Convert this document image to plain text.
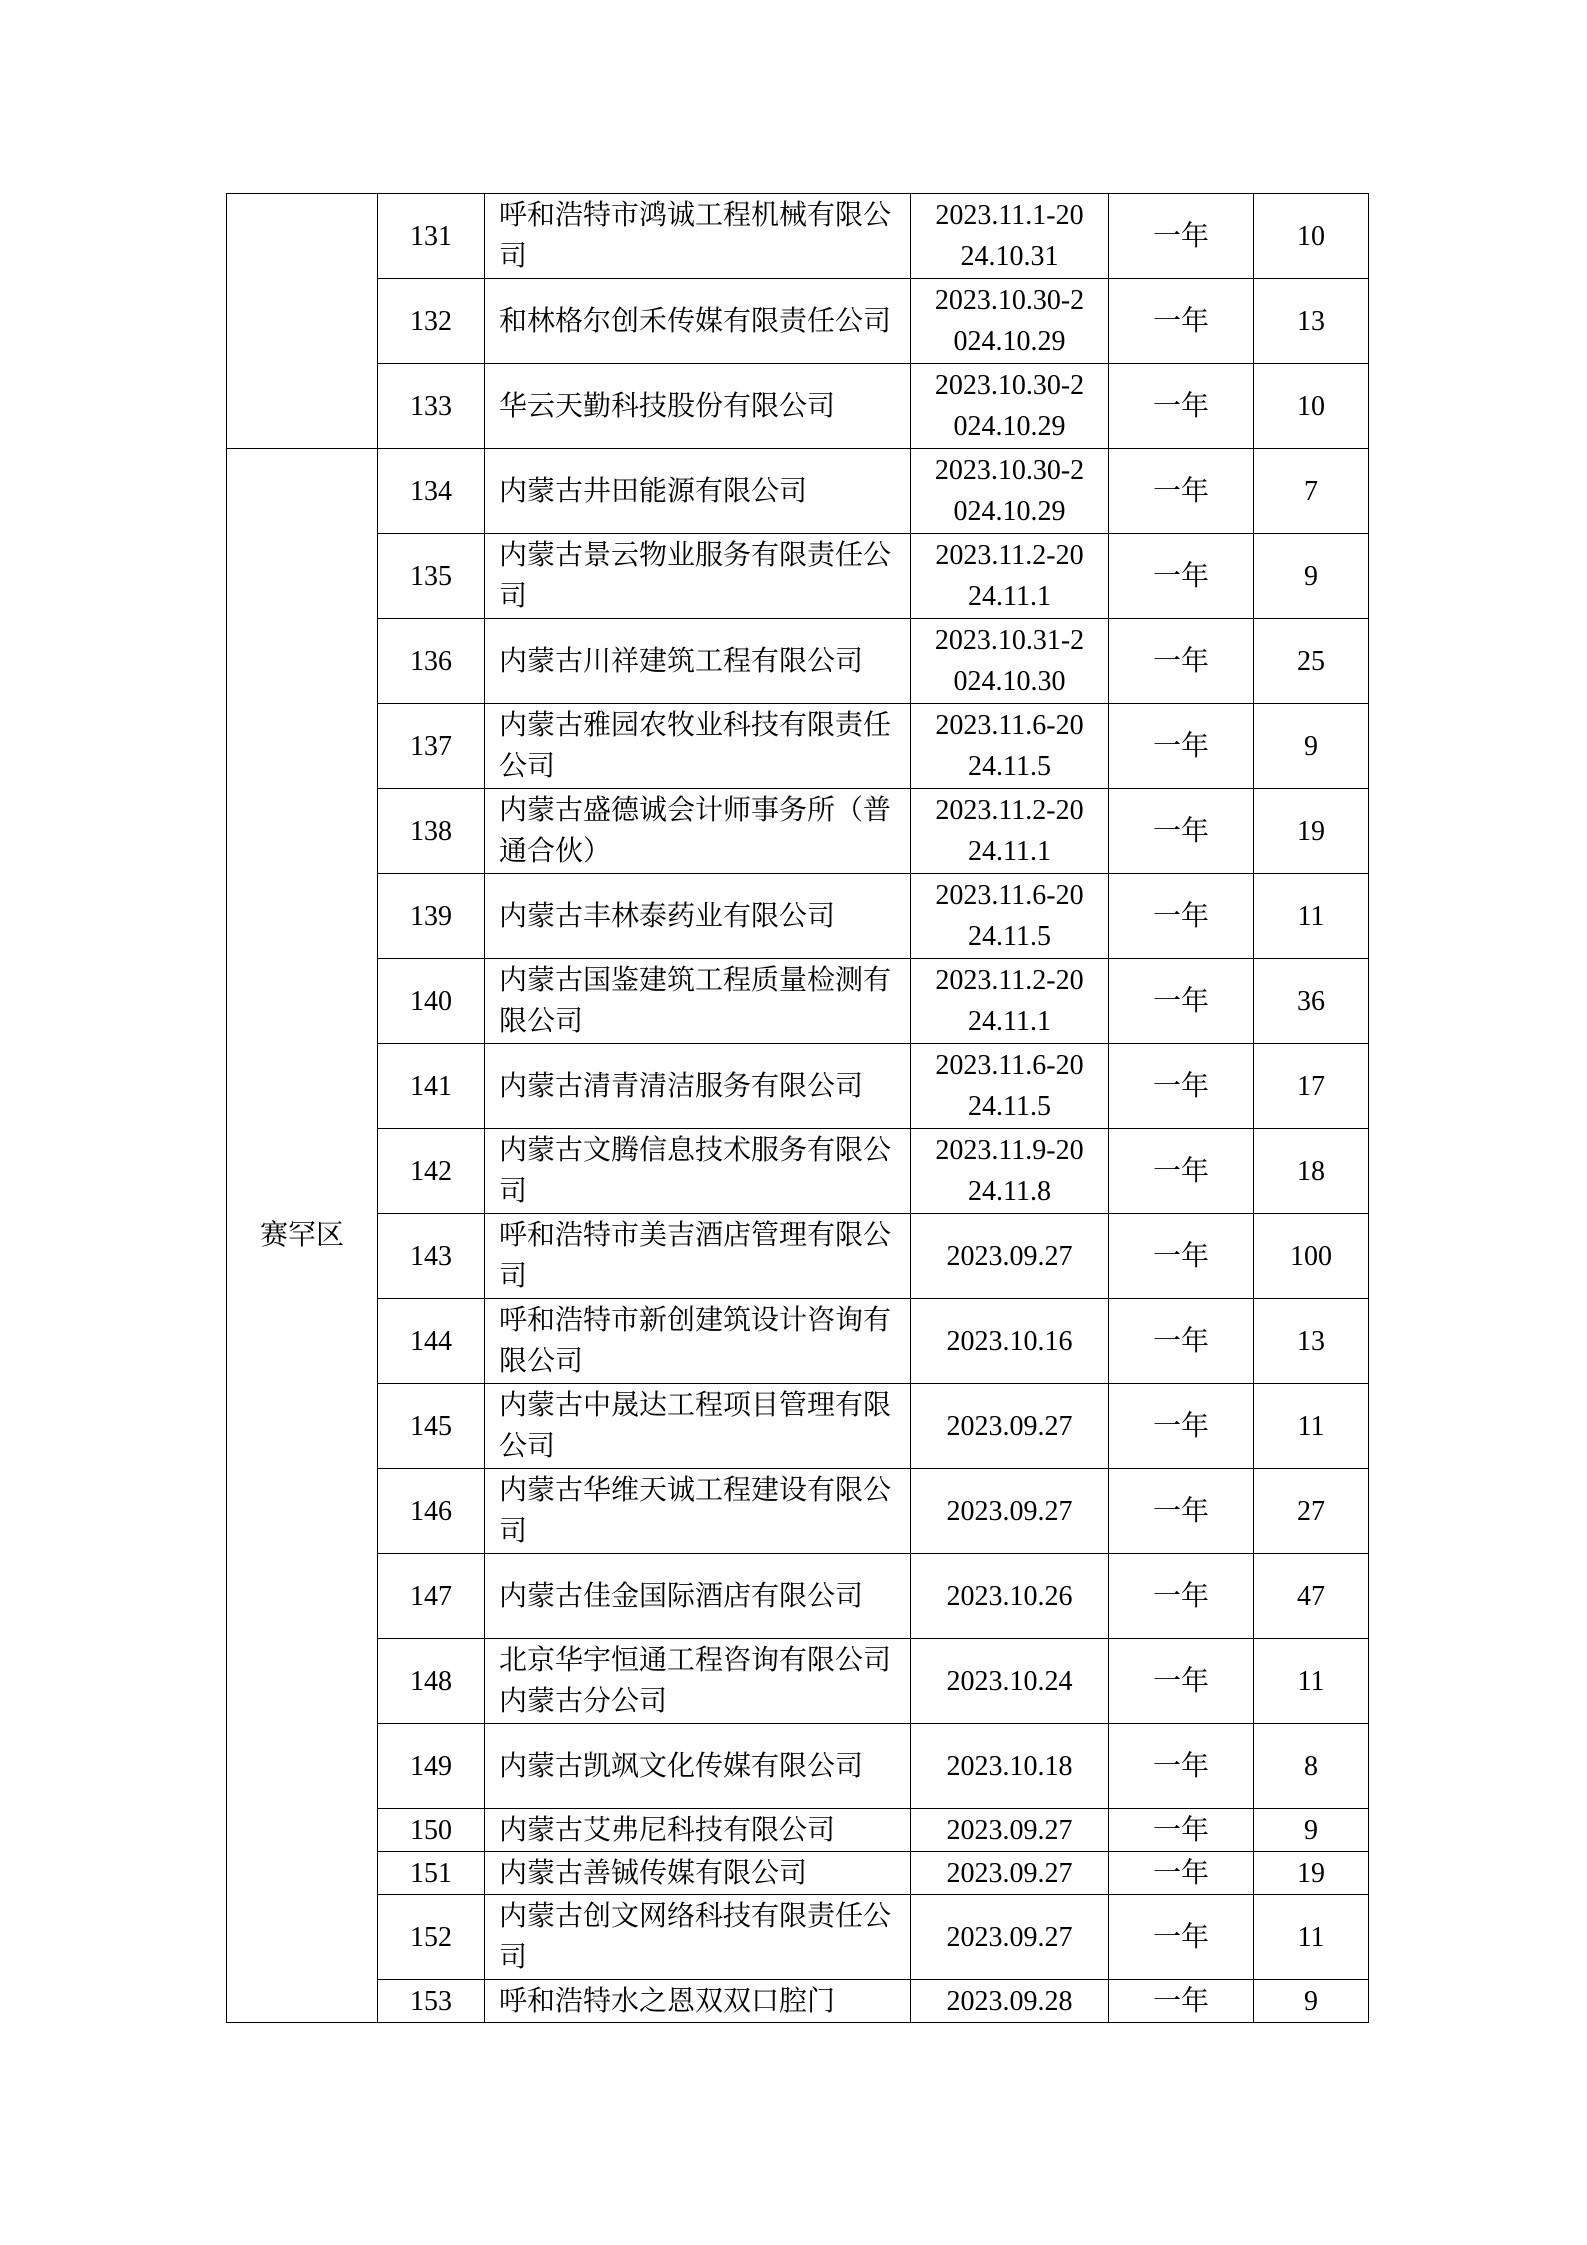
	131	呼和浩特市鸿诚工程机械有限公司	2023.11.1-2024.10.31	一年	10
	132	和林格尔创禾传媒有限责任公司	2023.10.30-2024.10.29	一年	13
	133	华云天勤科技股份有限公司	2023.10.30-2024.10.29	一年	10
赛罕区	134	内蒙古井田能源有限公司	2023.10.30-2024.10.29	一年	7
	135	内蒙古景云物业服务有限责任公司	2023.11.2-2024.11.1	一年	9
	136	内蒙古川祥建筑工程有限公司	2023.10.31-2024.10.30	一年	25
	137	内蒙古雅园农牧业科技有限责任公司	2023.11.6-2024.11.5	一年	9
	138	内蒙古盛德诚会计师事务所（普通合伙）	2023.11.2-2024.11.1	一年	19
	139	内蒙古丰林泰药业有限公司	2023.11.6-2024.11.5	一年	11
	140	内蒙古国鉴建筑工程质量检测有限公司	2023.11.2-2024.11.1	一年	36
	141	内蒙古清青清洁服务有限公司	2023.11.6-2024.11.5	一年	17
	142	内蒙古文腾信息技术服务有限公司	2023.11.9-2024.11.8	一年	18
	143	呼和浩特市美吉酒店管理有限公司	2023.09.27	一年	100
	144	呼和浩特市新创建筑设计咨询有限公司	2023.10.16	一年	13
	145	内蒙古中晟达工程项目管理有限公司	2023.09.27	一年	11
	146	内蒙古华维天诚工程建设有限公司	2023.09.27	一年	27
	147	内蒙古佳金国际酒店有限公司	2023.10.26	一年	47
	148	北京华宇恒通工程咨询有限公司内蒙古分公司	2023.10.24	一年	11
	149	内蒙古凯飒文化传媒有限公司	2023.10.18	一年	8
	150	内蒙古艾弗尼科技有限公司	2023.09.27	一年	9
	151	内蒙古善铖传媒有限公司	2023.09.27	一年	19
	152	内蒙古创文网络科技有限责任公司	2023.09.27	一年	11
	153	呼和浩特水之恩双双口腔门	2023.09.28	一年	9
